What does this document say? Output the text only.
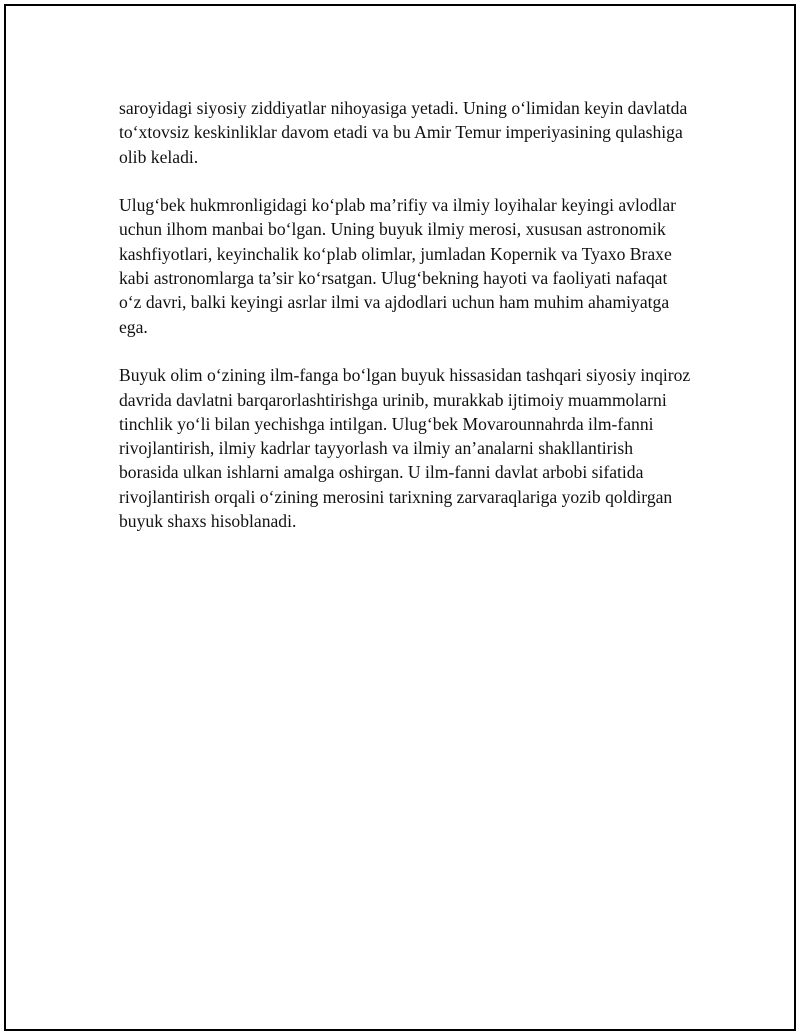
saroyidagi siyosiy ziddiyatlar nihoyasiga yetadi. Uning o‘limidan keyin davlatda to‘xtovsiz keskinliklar davom etadi va bu Amir Temur imperiyasining qulashiga olib keladi.

Ulug‘bek hukmronligidagi ko‘plab ma’rifiy va ilmiy loyihalar keyingi avlodlar uchun ilhom manbai bo‘lgan. Uning buyuk ilmiy merosi, xususan astronomik kashfiyotlari, keyinchalik ko‘plab olimlar, jumladan Kopernik va Tyaxo Braxe kabi astronomlarga ta’sir ko‘rsatgan. Ulug‘bekning hayoti va faoliyati nafaqat o‘z davri, balki keyingi asrlar ilmi va ajdodlari uchun ham muhim ahamiyatga ega.

Buyuk olim o‘zining ilm-fanga bo‘lgan buyuk hissasidan tashqari siyosiy inqiroz davrida davlatni barqarorlashtirishga urinib, murakkab ijtimoiy muammolarni tinchlik yo‘li bilan yechishga intilgan. Ulug‘bek Movarounnahrda ilm-fanni rivojlantirish, ilmiy kadrlar tayyorlash va ilmiy an’analarni shakllantirish borasida ulkan ishlarni amalga oshirgan. U ilm-fanni davlat arbobi sifatida rivojlantirish orqali o‘zining merosini tarixning zarvaraqlariga yozib qoldirgan buyuk shaxs hisoblanadi.
